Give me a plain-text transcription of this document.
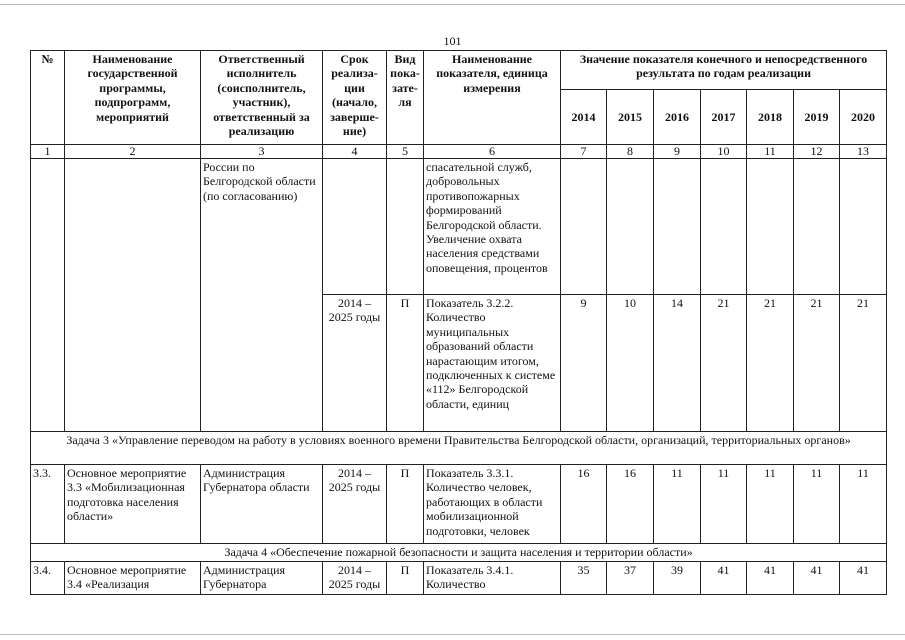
101
№	Наименование государственной программы, подпрограмм, мероприятий	Ответственный исполнитель (соисполнитель, участник), ответственный за реализацию	Срок реализа-ции (начало, заверше-ние)	Вид пока-зате-ля	Наименование показателя, единица измерения	Значение показателя конечного и непосредственного результата по годам реализации						
						2014	2015	2016	2017	2018	2019	2020
1	2	3	4	5	6	7	8	9	10	11	12	13
		России по Белгородской области (по согласованию)			спасательной служб, добровольных противопожарных формирований Белгородской области. Увеличение охвата населения средствами оповещения, процентов							
			2014 – 2025 годы	П	Показатель 3.2.2. Количество муниципальных образований области нарастающим итогом, подключенных к системе «112» Белгородской области, единиц	9	10	14	21	21	21	21
Задача 3 «Управление переводом на работу в условиях военного времени Правительства Белгородской области, организаций, территориальных органов»												
3.3.	Основное мероприятие 3.3 «Мобилизационная подготовка населения области»	Администрация Губернатора области	2014 – 2025 годы	П	Показатель 3.3.1. Количество человек, работающих в области мобилизационной подготовки, человек	16	16	11	11	11	11	11
Задача 4 «Обеспечение пожарной безопасности и защита населения и территории области»												
3.4.	Основное мероприятие 3.4 «Реализация	Администрация Губернатора	2014 – 2025 годы	П	Показатель 3.4.1. Количество	35	37	39	41	41	41	41
